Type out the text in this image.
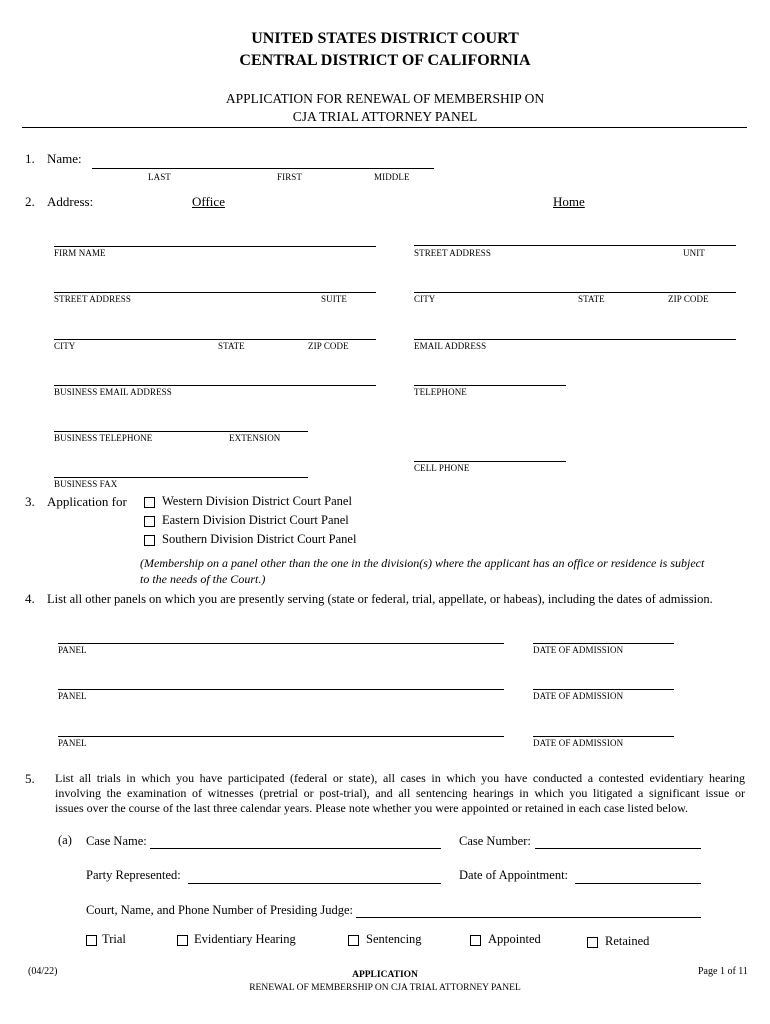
UNITED STATES DISTRICT COURT
CENTRAL DISTRICT OF CALIFORNIA
APPLICATION FOR RENEWAL OF MEMBERSHIP ON
CJA TRIAL ATTORNEY PANEL
1. Name:
LAST	FIRST	MIDDLE
2. Address:	Office	Home
FIRM NAME
STREET ADDRESS	SUITE
CITY	STATE	ZIP CODE
BUSINESS EMAIL ADDRESS
BUSINESS TELEPHONE	EXTENSION
BUSINESS FAX
STREET ADDRESS	UNIT
CITY	STATE	ZIP CODE
EMAIL ADDRESS
TELEPHONE
CELL PHONE
3. Application for	Western Division District Court Panel
Eastern Division District Court Panel
Southern Division District Court Panel
(Membership on a panel other than the one in the division(s) where the applicant has an office or residence is subject
to the needs of the Court.)
4. List all other panels on which you are presently serving (state or federal, trial, appellate, or habeas), including the dates of admission.
PANEL	DATE OF ADMISSION
PANEL	DATE OF ADMISSION
PANEL	DATE OF ADMISSION
5. List all trials in which you have participated (federal or state), all cases in which you have conducted a contested evidentiary hearing
involving the examination of witnesses (pretrial or post-trial), and all sentencing hearings in which you litigated a significant issue or
issues over the course of the last three calendar years. Please note whether you were appointed or retained in each case listed below.
(a) Case Name:	Case Number:
Party Represented:	Date of Appointment:
Court, Name, and Phone Number of Presiding Judge:
Trial	Evidentiary Hearing	Sentencing	Appointed	Retained
(04/22)	APPLICATION
RENEWAL OF MEMBERSHIP ON CJA TRIAL ATTORNEY PANEL
Page 1 of 11
